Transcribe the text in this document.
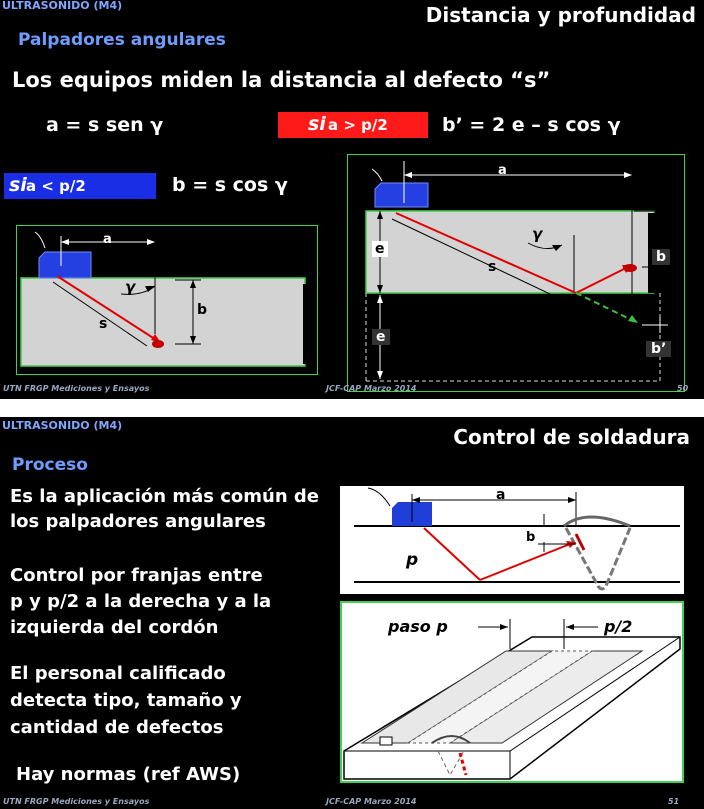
ULTRASONIDO (M4)	Distancia y profundidad
Palpadores angulares
Los equipos miden la distancia al defecto “s”
a = s sen γ	si a > p/2	b’ = 2 e – s cos γ
si a < p/2	b = s cos γ
a
γ
b
s
a
γ
e
s
b
e
b’
UTN FRGP Mediciones y Ensayos	JCF-CAP Marzo 2014	50
ULTRASONIDO (M4)	Control de soldadura
Proceso
Es la aplicación más común de
los palpadores angulares
Control por franjas entre
p y p/2 a la derecha y a la
izquierda del cordón
El personal calificado
detecta tipo, tamaño y
cantidad de defectos
Hay normas (ref AWS)
a
b
p
paso p	p/2
UTN FRGP Mediciones y Ensayos	JCF-CAP Marzo 2014	51
